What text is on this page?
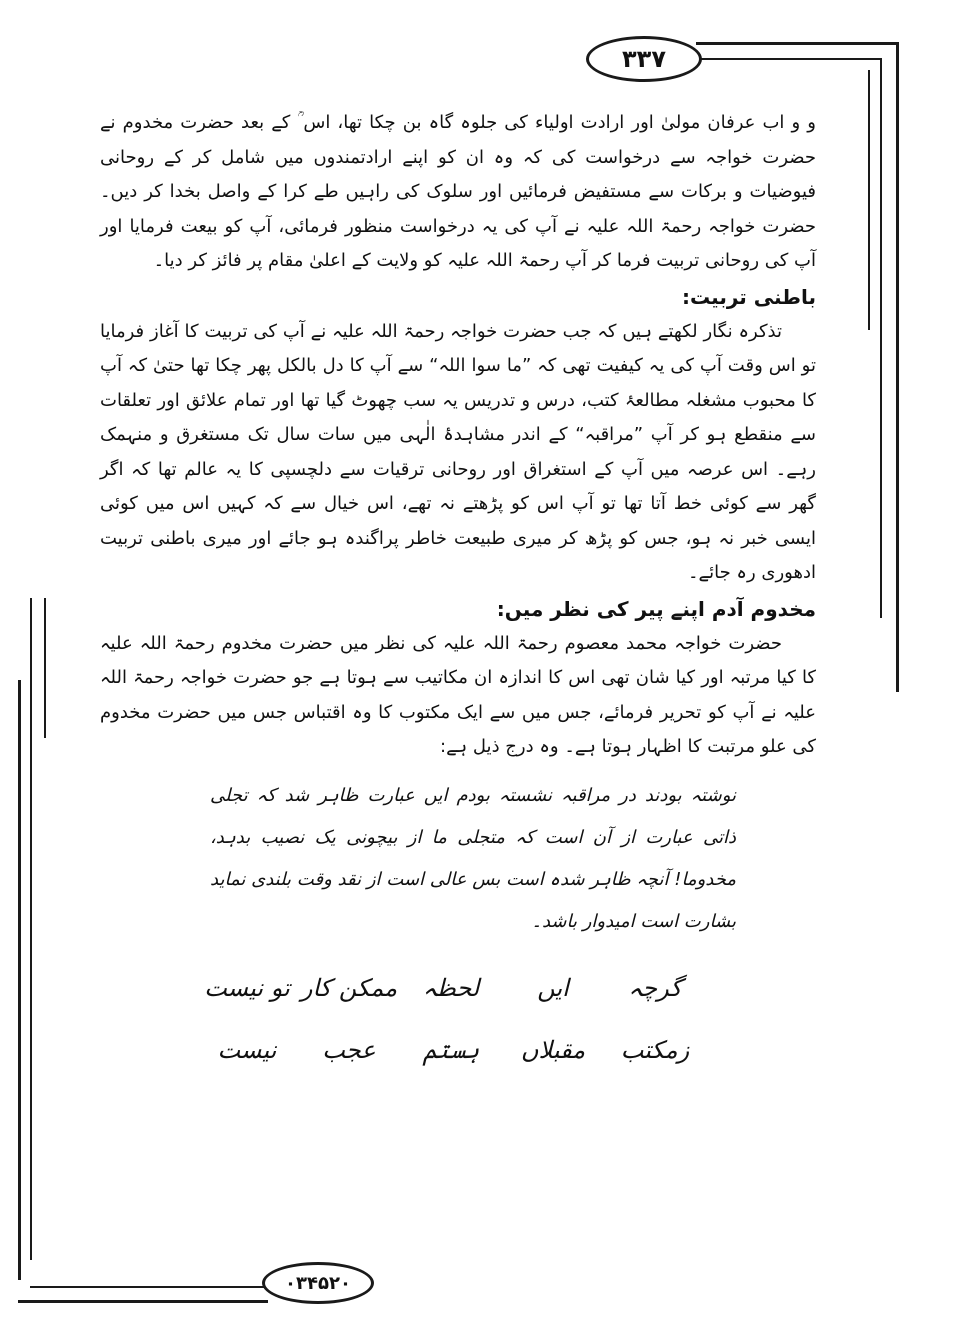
۳۳۷
۰۳۴۵۲۰

و و اب عرفان مولیٰ اور ارادت اولیاء کی جلوہ گاہ بن چکا تھا، اس ؒ کے بعد حضرت مخدوم نے حضرت خواجہ سے درخواست کی کہ وہ ان کو اپنے ارادتمندوں میں شامل کر کے روحانی فیوضیات و برکات سے مستفیض فرمائیں اور سلوک کی راہیں طے کرا کے واصل بخدا کر دیں۔ حضرت خواجہ رحمۃ اللہ علیہ نے آپ کی یہ درخواست منظور فرمائی، آپ کو بیعت فرمایا اور آپ کی روحانی تربیت فرما کر آپ رحمۃ اللہ علیہ کو ولایت کے اعلیٰ مقام پر فائز کر دیا۔

باطنی تربیت:

تذکرہ نگار لکھتے ہیں کہ جب حضرت خواجہ رحمۃ اللہ علیہ نے آپ کی تربیت کا آغاز فرمایا تو اس وقت آپ کی یہ کیفیت تھی کہ ”ما سوا اللہ“ سے آپ کا دل بالکل پھر چکا تھا حتیٰ کہ آپ کا محبوب مشغلہ مطالعۂ کتب، درس و تدریس یہ سب چھوٹ گیا تھا اور تمام علائق اور تعلقات سے منقطع ہو کر آپ ”مراقبہ“ کے اندر مشاہدۂ الٰہی میں سات سال تک مستغرق و منہمک رہے۔ اس عرصہ میں آپ کے استغراق اور روحانی ترقیات سے دلچسپی کا یہ عالم تھا کہ اگر گھر سے کوئی خط آتا تھا تو آپ اس کو پڑھتے نہ تھے، اس خیال سے کہ کہیں اس میں کوئی ایسی خبر نہ ہو، جس کو پڑھ کر میری طبیعت خاطر پراگندہ ہو جائے اور میری باطنی تربیت ادھوری رہ جائے۔

مخدوم آدم اپنے پیر کی نظر میں:

حضرت خواجہ محمد معصوم رحمۃ اللہ علیہ کی نظر میں حضرت مخدوم رحمۃ اللہ علیہ کا کیا مرتبہ اور کیا شان تھی اس کا اندازہ ان مکاتیب سے ہوتا ہے جو حضرت خواجہ رحمۃ اللہ علیہ نے آپ کو تحریر فرمائے، جس میں سے ایک مکتوب کا وہ اقتباس جس میں حضرت مخدوم کی علو مرتبت کا اظہار ہوتا ہے۔ وہ درج ذیل ہے:

نوشتہ بودند در مراقبہ نشستہ بودم ایں عبارت ظاہر شد کہ تجلی ذاتی عبارت از آن است کہ متجلی ما از بیچونی یک نصیب بدہد، مخدوما! آنچہ ظاہر شدہ است بس عالی است از نقد وقت بلندی نماید بشارت است امیدوار باشد۔

گرچہ
ایں
لحظہ
ممکن کار
تو نیست
زمکتب
مقبلاں
ہستم
عجب
نیست
